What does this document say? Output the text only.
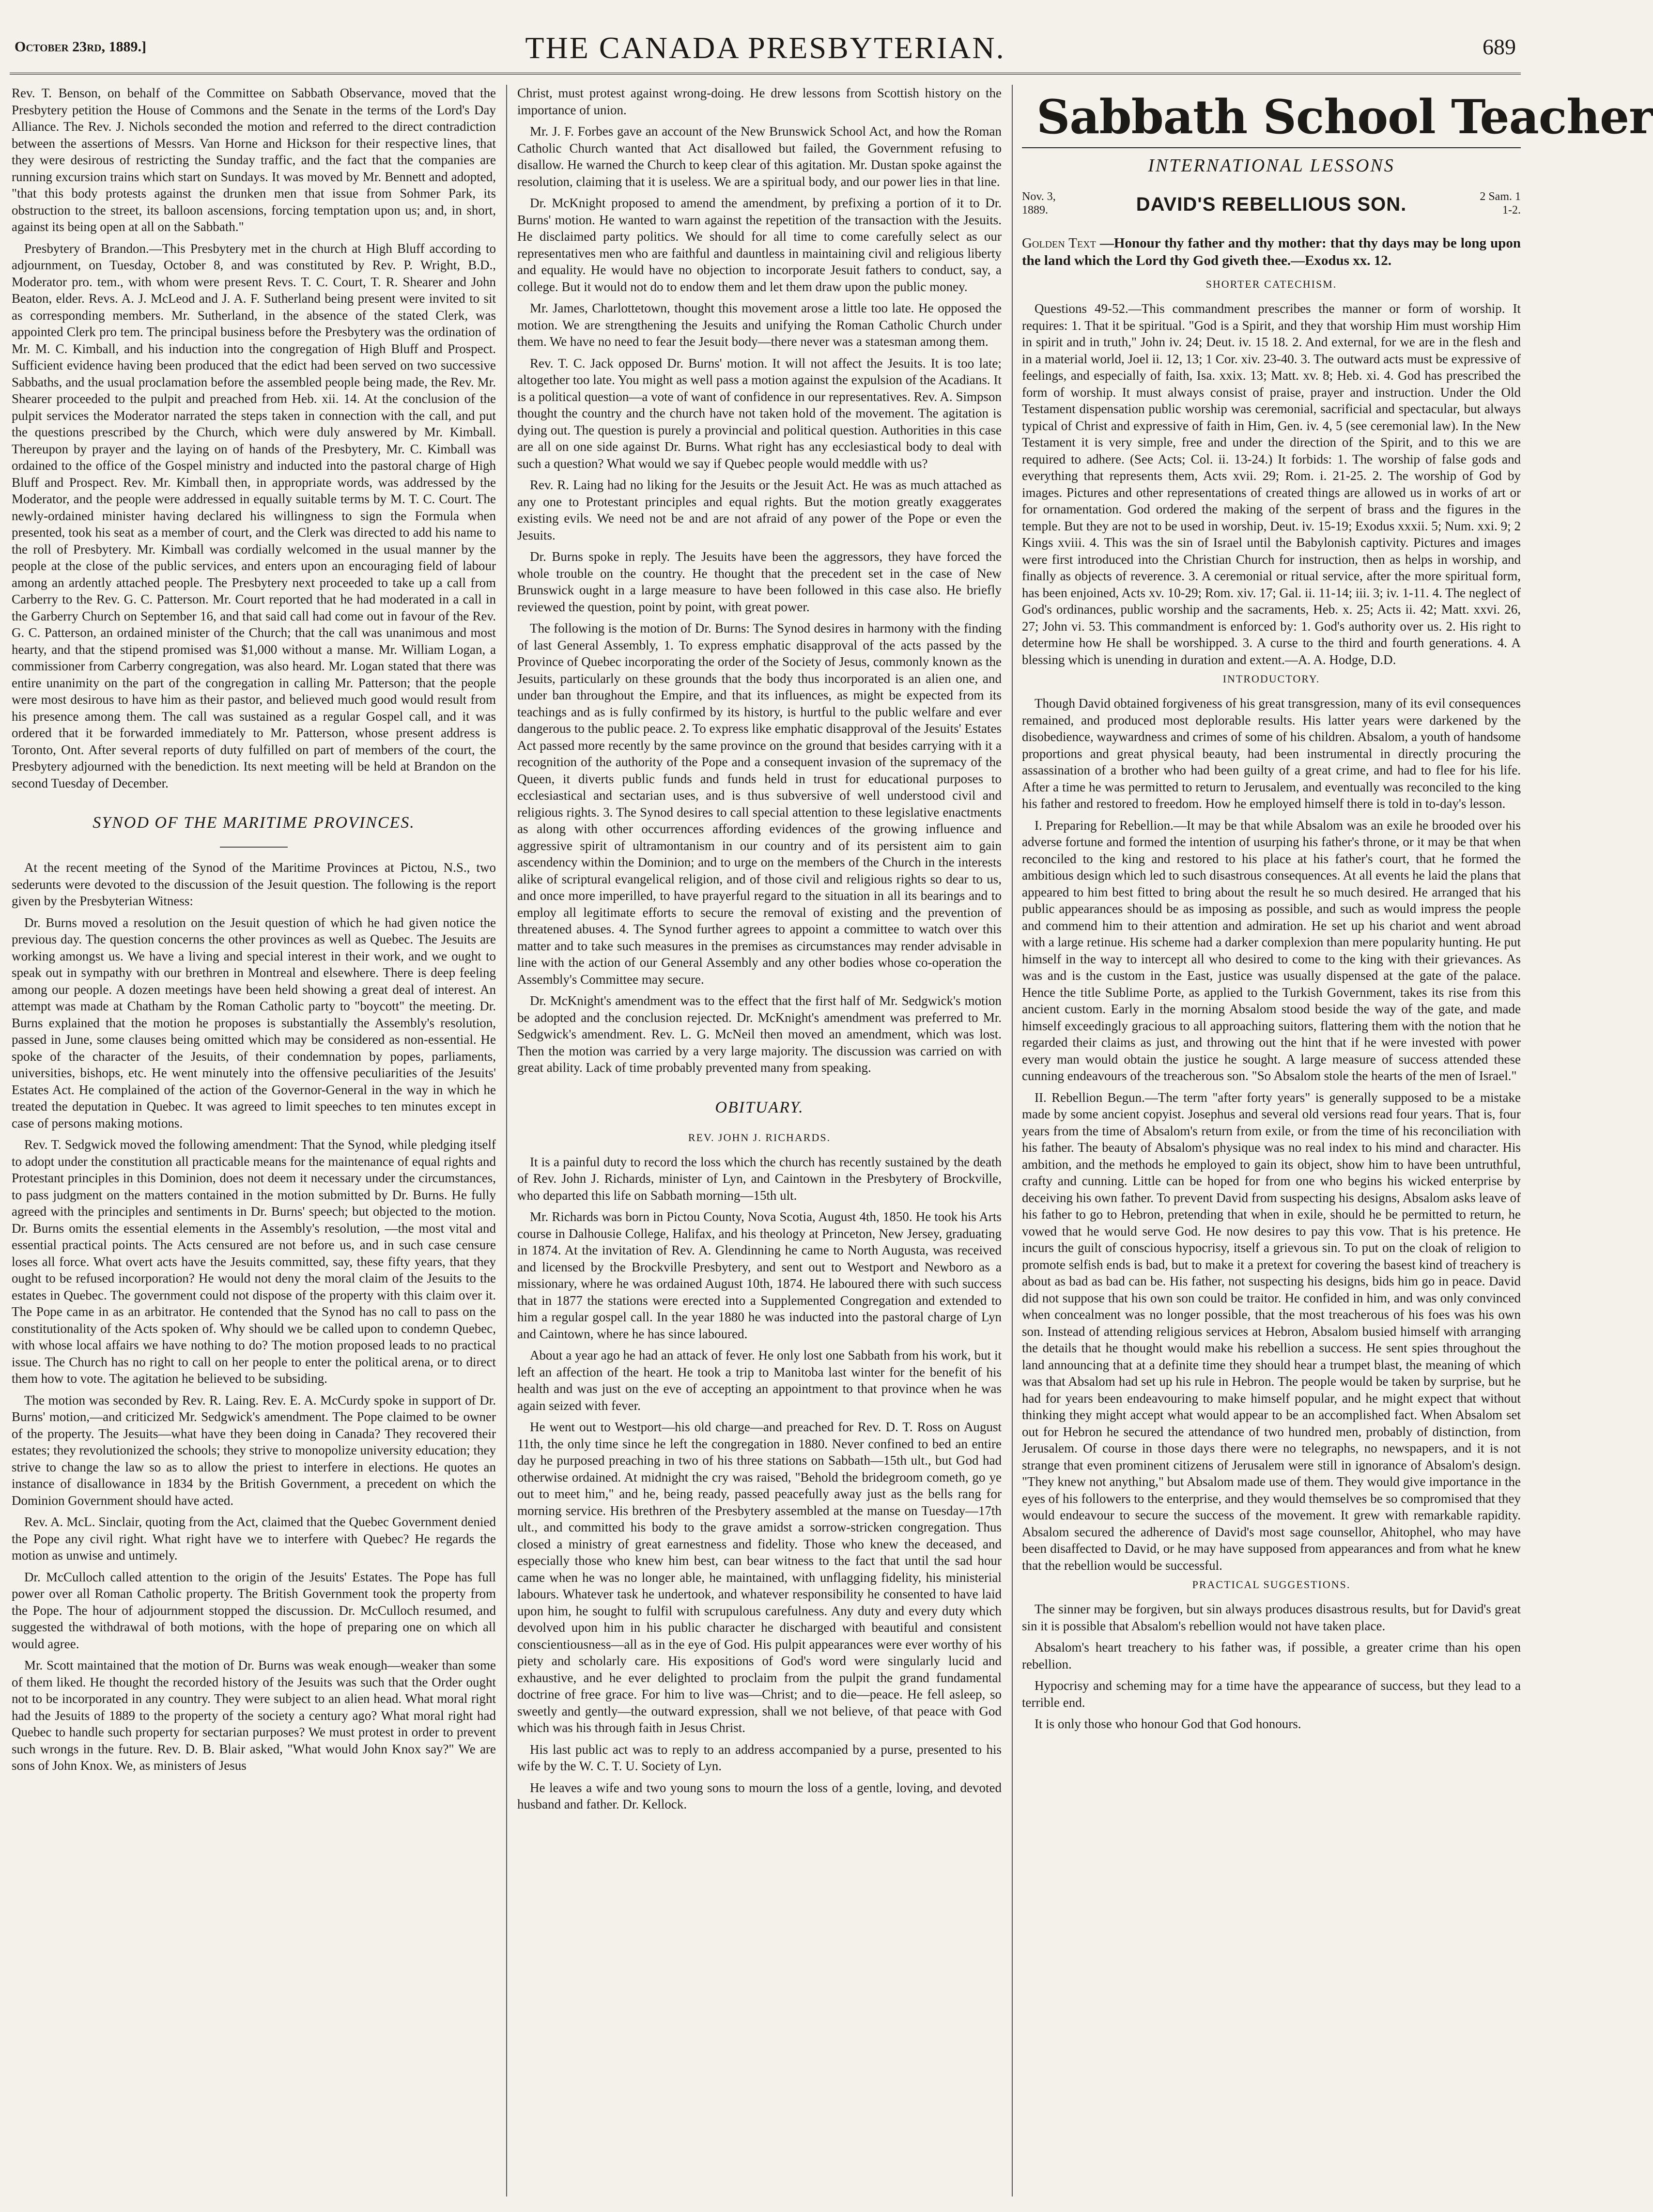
October 23rd, 1889.]	THE CANADA PRESBYTERIAN.	689

Rev. T. Benson, on behalf of the Committee on Sabbath Observance, moved that the Presbytery petition the House of Commons and the Senate in the terms of the Lord's Day Alliance. The Rev. J. Nichols seconded the motion and referred to the direct contradiction between the assertions of Messrs. Van Horne and Hickson for their respective lines, that they were desirous of restricting the Sunday traffic, and the fact that the companies are running excursion trains which start on Sundays. It was moved by Mr. Bennett and adopted, "that this body protests against the drunken men that issue from Sohmer Park, its obstruction to the street, its balloon ascensions, forcing temptation upon us; and, in short, against its being open at all on the Sabbath."

Presbytery of Brandon.—This Presbytery met in the church at High Bluff according to adjournment, on Tuesday, October 8, and was constituted by Rev. P. Wright, B.D., Moderator pro. tem., with whom were present Revs. T. C. Court, T. R. Shearer and John Beaton, elder. Revs. A. J. McLeod and J. A. F. Sutherland being present were invited to sit as corresponding members. Mr. Sutherland, in the absence of the stated Clerk, was appointed Clerk pro tem. The principal business before the Presbytery was the ordination of Mr. M. C. Kimball, and his induction into the congregation of High Bluff and Prospect. Sufficient evidence having been produced that the edict had been served on two successive Sabbaths, and the usual proclamation before the assembled people being made, the Rev. Mr. Shearer proceeded to the pulpit and preached from Heb. xii. 14. At the conclusion of the pulpit services the Moderator narrated the steps taken in connection with the call, and put the questions prescribed by the Church, which were duly answered by Mr. Kimball. Thereupon by prayer and the laying on of hands of the Presbytery, Mr. C. Kimball was ordained to the office of the Gospel ministry and inducted into the pastoral charge of High Bluff and Prospect. Rev. Mr. Kimball then, in appropriate words, was addressed by the Moderator, and the people were addressed in equally suitable terms by M. T. C. Court. The newly-ordained minister having declared his willingness to sign the Formula when presented, took his seat as a member of court, and the Clerk was directed to add his name to the roll of Presbytery. Mr. Kimball was cordially welcomed in the usual manner by the people at the close of the public services, and enters upon an encouraging field of labour among an ardently attached people. The Presbytery next proceeded to take up a call from Carberry to the Rev. G. C. Patterson. Mr. Court reported that he had moderated in a call in the Garberry Church on September 16, and that said call had come out in favour of the Rev. G. C. Patterson, an ordained minister of the Church; that the call was unanimous and most hearty, and that the stipend promised was $1,000 without a manse. Mr. William Logan, a commissioner from Carberry congregation, was also heard. Mr. Logan stated that there was entire unanimity on the part of the congregation in calling Mr. Patterson; that the people were most desirous to have him as their pastor, and believed much good would result from his presence among them. The call was sustained as a regular Gospel call, and it was ordered that it be forwarded immediately to Mr. Patterson, whose present address is Toronto, Ont. After several reports of duty fulfilled on part of members of the court, the Presbytery adjourned with the benediction. Its next meeting will be held at Brandon on the second Tuesday of December.

SYNOD OF THE MARITIME PROVINCES.

At the recent meeting of the Synod of the Maritime Provinces at Pictou, N.S., two sederunts were devoted to the discussion of the Jesuit question. The following is the report given by the Presbyterian Witness:

Dr. Burns moved a resolution on the Jesuit question of which he had given notice the previous day. The question concerns the other provinces as well as Quebec. The Jesuits are working amongst us. We have a living and special interest in their work, and we ought to speak out in sympathy with our brethren in Montreal and elsewhere. There is deep feeling among our people. A dozen meetings have been held showing a great deal of interest. An attempt was made at Chatham by the Roman Catholic party to "boycott" the meeting. Dr. Burns explained that the motion he proposes is substantially the Assembly's resolution, passed in June, some clauses being omitted which may be considered as non-essential. He spoke of the character of the Jesuits, of their condemnation by popes, parliaments, universities, bishops, etc. He went minutely into the offensive peculiarities of the Jesuits' Estates Act. He complained of the action of the Governor-General in the way in which he treated the deputation in Quebec. It was agreed to limit speeches to ten minutes except in case of persons making motions.

Rev. T. Sedgwick moved the following amendment: That the Synod, while pledging itself to adopt under the constitution all practicable means for the maintenance of equal rights and Protestant principles in this Dominion, does not deem it necessary under the circumstances, to pass judgment on the matters contained in the motion submitted by Dr. Burns. He fully agreed with the principles and sentiments in Dr. Burns' speech; but objected to the motion. Dr. Burns omits the essential elements in the Assembly's resolution, —the most vital and essential practical points. The Acts censured are not before us, and in such case censure loses all force. What overt acts have the Jesuits committed, say, these fifty years, that they ought to be refused incorporation? He would not deny the moral claim of the Jesuits to the estates in Quebec. The government could not dispose of the property with this claim over it. The Pope came in as an arbitrator. He contended that the Synod has no call to pass on the constitutionality of the Acts spoken of. Why should we be called upon to condemn Quebec, with whose local affairs we have nothing to do? The motion proposed leads to no practical issue. The Church has no right to call on her people to enter the political arena, or to direct them how to vote. The agitation he believed to be subsiding.

The motion was seconded by Rev. R. Laing. Rev. E. A. McCurdy spoke in support of Dr. Burns' motion,—and criticized Mr. Sedgwick's amendment. The Pope claimed to be owner of the property. The Jesuits—what have they been doing in Canada? They recovered their estates; they revolutionized the schools; they strive to monopolize university education; they strive to change the law so as to allow the priest to interfere in elections. He quotes an instance of disallowance in 1834 by the British Government, a precedent on which the Dominion Government should have acted.

Rev. A. McL. Sinclair, quoting from the Act, claimed that the Quebec Government denied the Pope any civil right. What right have we to interfere with Quebec? He regards the motion as unwise and untimely.

Dr. McCulloch called attention to the origin of the Jesuits' Estates. The Pope has full power over all Roman Catholic property. The British Government took the property from the Pope. The hour of adjournment stopped the discussion. Dr. McCulloch resumed, and suggested the withdrawal of both motions, with the hope of preparing one on which all would agree.

Mr. Scott maintained that the motion of Dr. Burns was weak enough—weaker than some of them liked. He thought the recorded history of the Jesuits was such that the Order ought not to be incorporated in any country. They were subject to an alien head. What moral right had the Jesuits of 1889 to the property of the society a century ago? What moral right had Quebec to handle such property for sectarian purposes? We must protest in order to prevent such wrongs in the future. Rev. D. B. Blair asked, "What would John Knox say?" We are sons of John Knox. We, as ministers of Jesus

Christ, must protest against wrong-doing. He drew lessons from Scottish history on the importance of union.

Mr. J. F. Forbes gave an account of the New Brunswick School Act, and how the Roman Catholic Church wanted that Act disallowed but failed, the Government refusing to disallow. He warned the Church to keep clear of this agitation. Mr. Dustan spoke against the resolution, claiming that it is useless. We are a spiritual body, and our power lies in that line.

Dr. McKnight proposed to amend the amendment, by prefixing a portion of it to Dr. Burns' motion. He wanted to warn against the repetition of the transaction with the Jesuits. He disclaimed party politics. We should for all time to come carefully select as our representatives men who are faithful and dauntless in maintaining civil and religious liberty and equality. He would have no objection to incorporate Jesuit fathers to conduct, say, a college. But it would not do to endow them and let them draw upon the public money.

Mr. James, Charlottetown, thought this movement arose a little too late. He opposed the motion. We are strengthening the Jesuits and unifying the Roman Catholic Church under them. We have no need to fear the Jesuit body—there never was a statesman among them.

Rev. T. C. Jack opposed Dr. Burns' motion. It will not affect the Jesuits. It is too late; altogether too late. You might as well pass a motion against the expulsion of the Acadians. It is a political question—a vote of want of confidence in our representatives. Rev. A. Simpson thought the country and the church have not taken hold of the movement. The agitation is dying out. The question is purely a provincial and political question. Authorities in this case are all on one side against Dr. Burns. What right has any ecclesiastical body to deal with such a question? What would we say if Quebec people would meddle with us?

Rev. R. Laing had no liking for the Jesuits or the Jesuit Act. He was as much attached as any one to Protestant principles and equal rights. But the motion greatly exaggerates existing evils. We need not be and are not afraid of any power of the Pope or even the Jesuits.

Dr. Burns spoke in reply. The Jesuits have been the aggressors, they have forced the whole trouble on the country. He thought that the precedent set in the case of New Brunswick ought in a large measure to have been followed in this case also. He briefly reviewed the question, point by point, with great power.

The following is the motion of Dr. Burns: The Synod desires in harmony with the finding of last General Assembly, 1. To express emphatic disapproval of the acts passed by the Province of Quebec incorporating the order of the Society of Jesus, commonly known as the Jesuits, particularly on these grounds that the body thus incorporated is an alien one, and under ban throughout the Empire, and that its influences, as might be expected from its teachings and as is fully confirmed by its history, is hurtful to the public welfare and ever dangerous to the public peace. 2. To express like emphatic disapproval of the Jesuits' Estates Act passed more recently by the same province on the ground that besides carrying with it a recognition of the authority of the Pope and a consequent invasion of the supremacy of the Queen, it diverts public funds and funds held in trust for educational purposes to ecclesiastical and sectarian uses, and is thus subversive of well understood civil and religious rights. 3. The Synod desires to call special attention to these legislative enactments as along with other occurrences affording evidences of the growing influence and aggressive spirit of ultramontanism in our country and of its persistent aim to gain ascendency within the Dominion; and to urge on the members of the Church in the interests alike of scriptural evangelical religion, and of those civil and religious rights so dear to us, and once more imperilled, to have prayerful regard to the situation in all its bearings and to employ all legitimate efforts to secure the removal of existing and the prevention of threatened abuses. 4. The Synod further agrees to appoint a committee to watch over this matter and to take such measures in the premises as circumstances may render advisable in line with the action of our General Assembly and any other bodies whose co-operation the Assembly's Committee may secure.

Dr. McKnight's amendment was to the effect that the first half of Mr. Sedgwick's motion be adopted and the conclusion rejected. Dr. McKnight's amendment was preferred to Mr. Sedgwick's amendment. Rev. L. G. McNeil then moved an amendment, which was lost. Then the motion was carried by a very large majority. The discussion was carried on with great ability. Lack of time probably prevented many from speaking.

OBITUARY.
REV. JOHN J. RICHARDS.

It is a painful duty to record the loss which the church has recently sustained by the death of Rev. John J. Richards, minister of Lyn, and Caintown in the Presbytery of Brockville, who departed this life on Sabbath morning—15th ult.

Mr. Richards was born in Pictou County, Nova Scotia, August 4th, 1850. He took his Arts course in Dalhousie College, Halifax, and his theology at Princeton, New Jersey, graduating in 1874. At the invitation of Rev. A. Glendinning he came to North Augusta, was received and licensed by the Brockville Presbytery, and sent out to Westport and Newboro as a missionary, where he was ordained August 10th, 1874. He laboured there with such success that in 1877 the stations were erected into a Supplemented Congregation and extended to him a regular gospel call. In the year 1880 he was inducted into the pastoral charge of Lyn and Caintown, where he has since laboured.

About a year ago he had an attack of fever. He only lost one Sabbath from his work, but it left an affection of the heart. He took a trip to Manitoba last winter for the benefit of his health and was just on the eve of accepting an appointment to that province when he was again seized with fever.

He went out to Westport—his old charge—and preached for Rev. D. T. Ross on August 11th, the only time since he left the congregation in 1880. Never confined to bed an entire day he purposed preaching in two of his three stations on Sabbath—15th ult., but God had otherwise ordained. At midnight the cry was raised, "Behold the bridegroom cometh, go ye out to meet him," and he, being ready, passed peacefully away just as the bells rang for morning service. His brethren of the Presbytery assembled at the manse on Tuesday—17th ult., and committed his body to the grave amidst a sorrow-stricken congregation. Thus closed a ministry of great earnestness and fidelity. Those who knew the deceased, and especially those who knew him best, can bear witness to the fact that until the sad hour came when he was no longer able, he maintained, with unflagging fidelity, his ministerial labours. Whatever task he undertook, and whatever responsibility he consented to have laid upon him, he sought to fulfil with scrupulous carefulness. Any duty and every duty which devolved upon him in his public character he discharged with beautiful and consistent conscientiousness—all as in the eye of God. His pulpit appearances were ever worthy of his piety and scholarly care. His expositions of God's word were singularly lucid and exhaustive, and he ever delighted to proclaim from the pulpit the grand fundamental doctrine of free grace. For him to live was—Christ; and to die—peace. He fell asleep, so sweetly and gently—the outward expression, shall we not believe, of that peace with God which was his through faith in Jesus Christ.

His last public act was to reply to an address accompanied by a purse, presented to his wife by the W. C. T. U. Society of Lyn.

He leaves a wife and two young sons to mourn the loss of a gentle, loving, and devoted husband and father. Dr. Kellock.

Sabbath School Teacher
INTERNATIONAL LESSONS
Nov. 3,
1889.	DAVID'S REBELLIOUS SON.	2 Sam. 1
1-2.
Golden Text —Honour thy father and thy mother: that thy days may be long upon the land which the Lord thy God giveth thee.—Exodus xx. 12.
SHORTER CATECHISM.

Questions 49-52.—This commandment prescribes the manner or form of worship. It requires: 1. That it be spiritual. "God is a Spirit, and they that worship Him must worship Him in spirit and in truth," John iv. 24; Deut. iv. 15 18. 2. And external, for we are in the flesh and in a material world, Joel ii. 12, 13; 1 Cor. xiv. 23-40. 3. The outward acts must be expressive of feelings, and especially of faith, Isa. xxix. 13; Matt. xv. 8; Heb. xi. 4. God has prescribed the form of worship. It must always consist of praise, prayer and instruction. Under the Old Testament dispensation public worship was ceremonial, sacrificial and spectacular, but always typical of Christ and expressive of faith in Him, Gen. iv. 4, 5 (see ceremonial law). In the New Testament it is very simple, free and under the direction of the Spirit, and to this we are required to adhere. (See Acts; Col. ii. 13-24.) It forbids: 1. The worship of false gods and everything that represents them, Acts xvii. 29; Rom. i. 21-25. 2. The worship of God by images. Pictures and other representations of created things are allowed us in works of art or for ornamentation. God ordered the making of the serpent of brass and the figures in the temple. But they are not to be used in worship, Deut. iv. 15-19; Exodus xxxii. 5; Num. xxi. 9; 2 Kings xviii. 4. This was the sin of Israel until the Babylonish captivity. Pictures and images were first introduced into the Christian Church for instruction, then as helps in worship, and finally as objects of reverence. 3. A ceremonial or ritual service, after the more spiritual form, has been enjoined, Acts xv. 10-29; Rom. xiv. 17; Gal. ii. 11-14; iii. 3; iv. 1-11. 4. The neglect of God's ordinances, public worship and the sacraments, Heb. x. 25; Acts ii. 42; Matt. xxvi. 26, 27; John vi. 53. This commandment is enforced by: 1. God's authority over us. 2. His right to determine how He shall be worshipped. 3. A curse to the third and fourth generations. 4. A blessing which is unending in duration and extent.—A. A. Hodge, D.D.

INTRODUCTORY.

Though David obtained forgiveness of his great transgression, many of its evil consequences remained, and produced most deplorable results. His latter years were darkened by the disobedience, waywardness and crimes of some of his children. Absalom, a youth of handsome proportions and great physical beauty, had been instrumental in directly procuring the assassination of a brother who had been guilty of a great crime, and had to flee for his life. After a time he was permitted to return to Jerusalem, and eventually was reconciled to the king his father and restored to freedom. How he employed himself there is told in to-day's lesson.

I. Preparing for Rebellion.—It may be that while Absalom was an exile he brooded over his adverse fortune and formed the intention of usurping his father's throne, or it may be that when reconciled to the king and restored to his place at his father's court, that he formed the ambitious design which led to such disastrous consequences. At all events he laid the plans that appeared to him best fitted to bring about the result he so much desired. He arranged that his public appearances should be as imposing as possible, and such as would impress the people and commend him to their attention and admiration. He set up his chariot and went abroad with a large retinue. His scheme had a darker complexion than mere popularity hunting. He put himself in the way to intercept all who desired to come to the king with their grievances. As was and is the custom in the East, justice was usually dispensed at the gate of the palace. Hence the title Sublime Porte, as applied to the Turkish Government, takes its rise from this ancient custom. Early in the morning Absalom stood beside the way of the gate, and made himself exceedingly gracious to all approaching suitors, flattering them with the notion that he regarded their claims as just, and throwing out the hint that if he were invested with power every man would obtain the justice he sought. A large measure of success attended these cunning endeavours of the treacherous son. "So Absalom stole the hearts of the men of Israel."

II. Rebellion Begun.—The term "after forty years" is generally supposed to be a mistake made by some ancient copyist. Josephus and several old versions read four years. That is, four years from the time of Absalom's return from exile, or from the time of his reconciliation with his father. The beauty of Absalom's physique was no real index to his mind and character. His ambition, and the methods he employed to gain its object, show him to have been untruthful, crafty and cunning. Little can be hoped for from one who begins his wicked enterprise by deceiving his own father. To prevent David from suspecting his designs, Absalom asks leave of his father to go to Hebron, pretending that when in exile, should he be permitted to return, he vowed that he would serve God. He now desires to pay this vow. That is his pretence. He incurs the guilt of conscious hypocrisy, itself a grievous sin. To put on the cloak of religion to promote selfish ends is bad, but to make it a pretext for covering the basest kind of treachery is about as bad as bad can be. His father, not suspecting his designs, bids him go in peace. David did not suppose that his own son could be traitor. He confided in him, and was only convinced when concealment was no longer possible, that the most treacherous of his foes was his own son. Instead of attending religious services at Hebron, Absalom busied himself with arranging the details that he thought would make his rebellion a success. He sent spies throughout the land announcing that at a definite time they should hear a trumpet blast, the meaning of which was that Absalom had set up his rule in Hebron. The people would be taken by surprise, but he had for years been endeavouring to make himself popular, and he might expect that without thinking they might accept what would appear to be an accomplished fact. When Absalom set out for Hebron he secured the attendance of two hundred men, probably of distinction, from Jerusalem. Of course in those days there were no telegraphs, no newspapers, and it is not strange that even prominent citizens of Jerusalem were still in ignorance of Absalom's design. "They knew not anything," but Absalom made use of them. They would give importance in the eyes of his followers to the enterprise, and they would themselves be so compromised that they would endeavour to secure the success of the movement. It grew with remarkable rapidity. Absalom secured the adherence of David's most sage counsellor, Ahitophel, who may have been disaffected to David, or he may have supposed from appearances and from what he knew that the rebellion would be successful.

PRACTICAL SUGGESTIONS.

The sinner may be forgiven, but sin always produces disastrous results, but for David's great sin it is possible that Absalom's rebellion would not have taken place.

Absalom's heart treachery to his father was, if possible, a greater crime than his open rebellion.

Hypocrisy and scheming may for a time have the appearance of success, but they lead to a terrible end.

It is only those who honour God that God honours.
